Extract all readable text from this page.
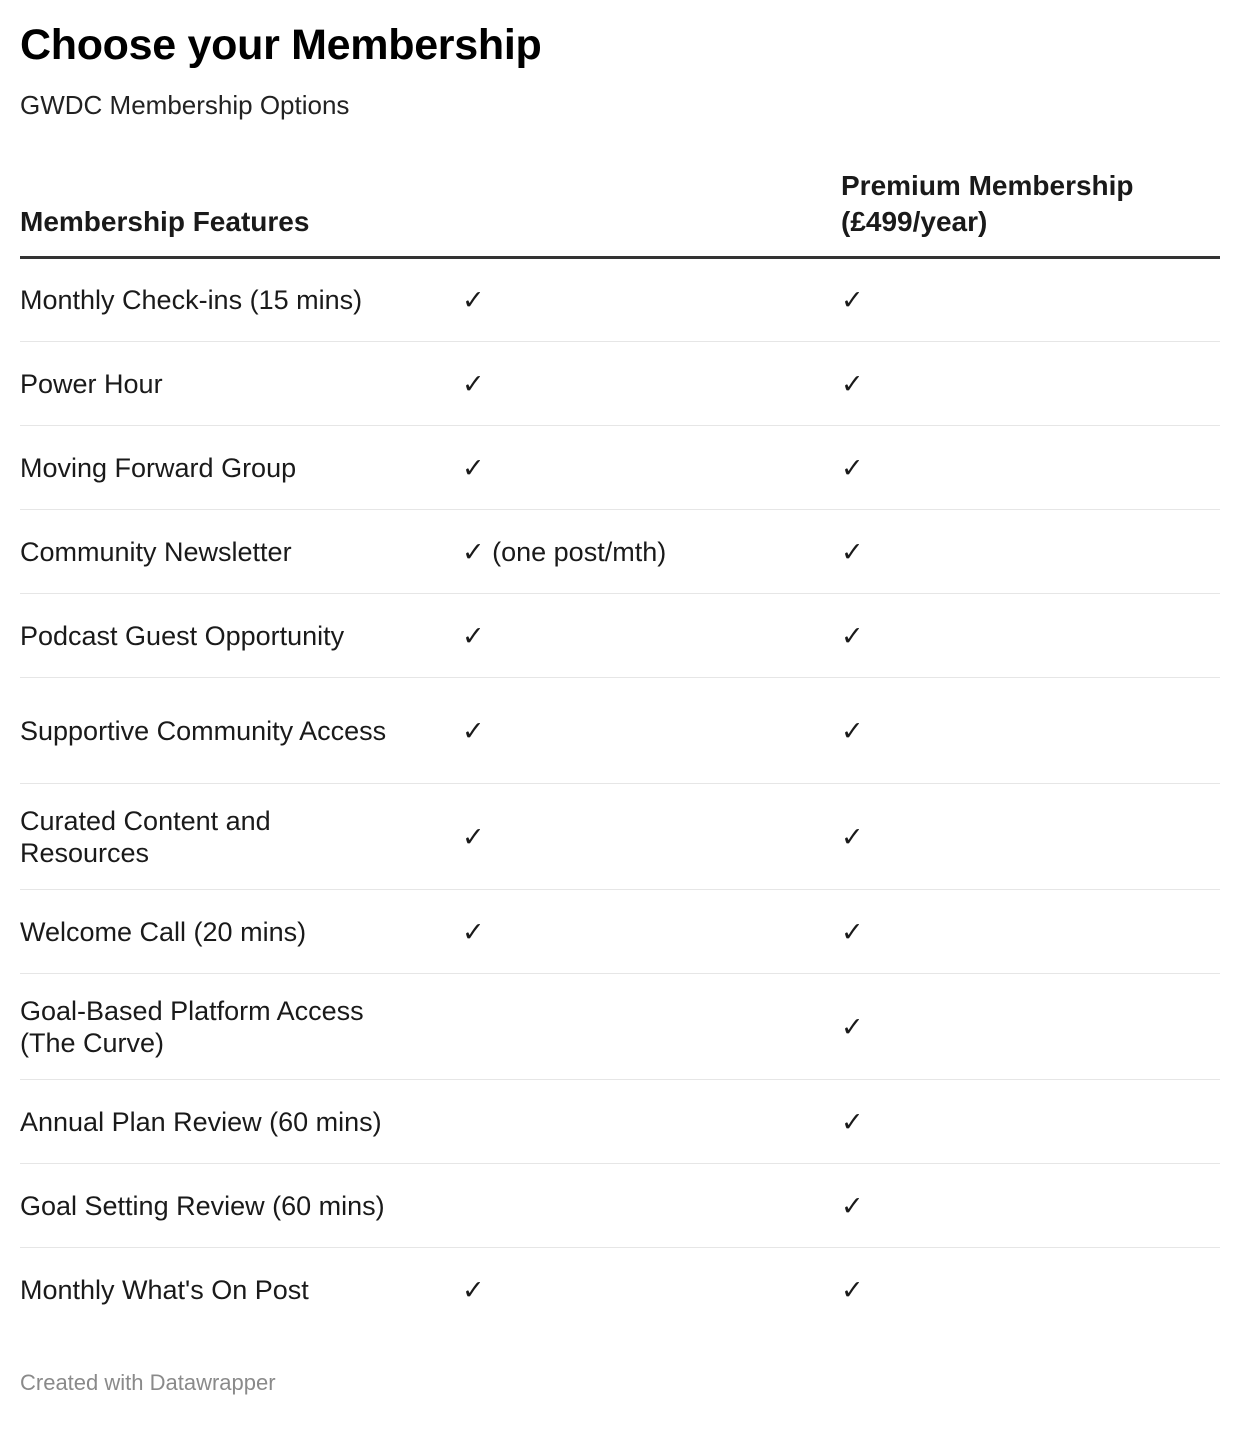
Choose your Membership
GWDC Membership Options
Membership Features		Premium Membership (£499/year)

Monthly Check-ins (15 mins)	✓	✓

Power Hour	✓	✓

Moving Forward Group	✓	✓

Community Newsletter	✓ (one post/mth)	✓

Podcast Guest Opportunity	✓	✓

Supportive Community Access	✓	✓

Curated Content and Resources	✓	✓

Welcome Call (20 mins)	✓	✓

Goal-Based Platform Access (The Curve)		✓

Annual Plan Review (60 mins)		✓

Goal Setting Review (60 mins)		✓

Monthly What's On Post	✓	✓
Created with Datawrapper
